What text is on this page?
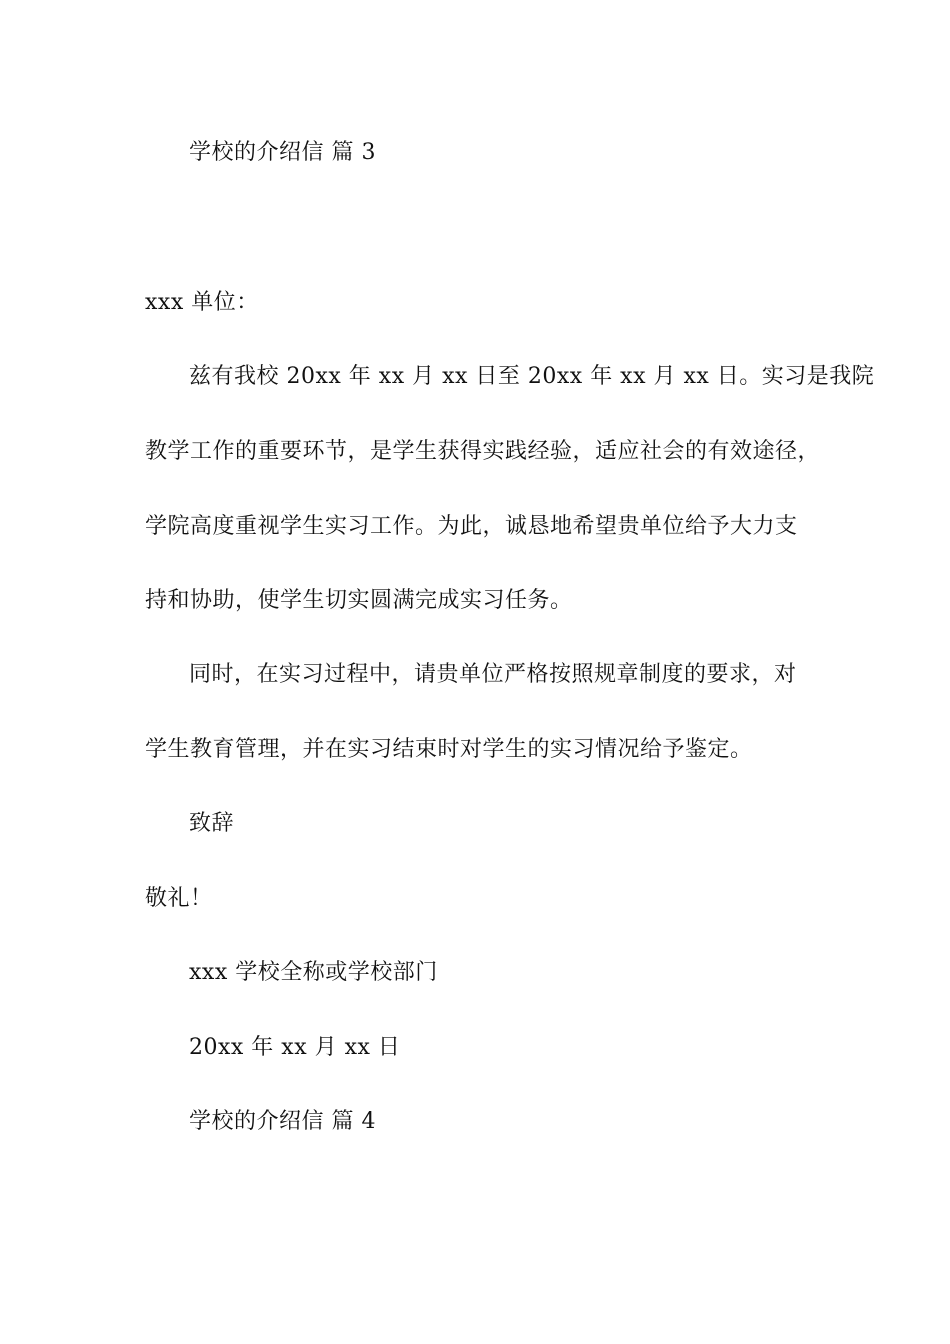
学校的介绍信 篇 3
xxx 单位：
兹有我校 20xx 年 xx 月 xx 日至 20xx 年 xx 月 xx 日。实习是我院
教学工作的重要环节，是学生获得实践经验，适应社会的有效途径，
学院高度重视学生实习工作。为此，诚恳地希望贵单位给予大力支
持和协助，使学生切实圆满完成实习任务。
同时，在实习过程中，请贵单位严格按照规章制度的要求，对
学生教育管理，并在实习结束时对学生的实习情况给予鉴定。
致辞
敬礼！
xxx 学校全称或学校部门
20xx 年 xx 月 xx 日
学校的介绍信 篇 4
